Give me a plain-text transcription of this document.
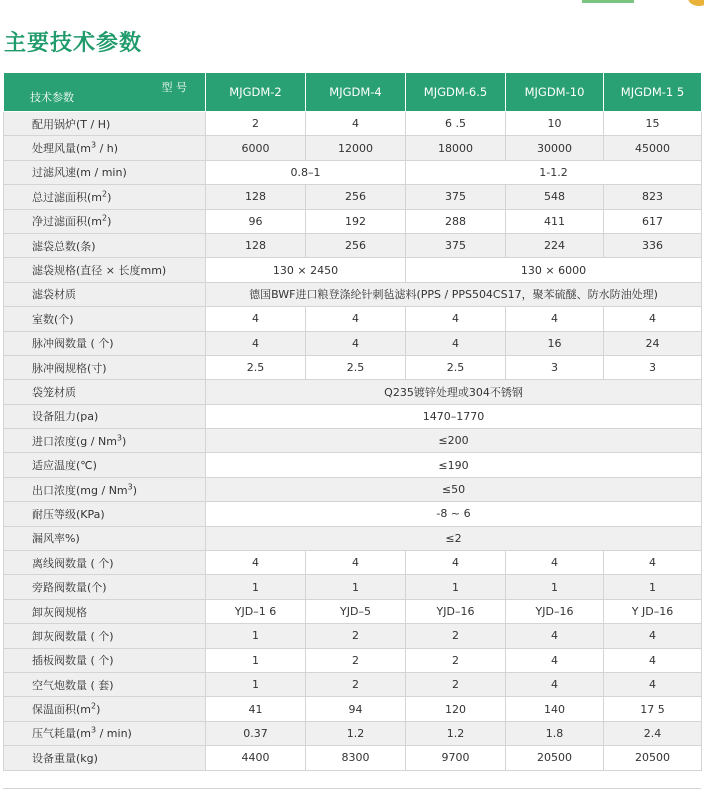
主要技术参数
型 号
技术参数	MJGDM-2	MJGDM-4	MJGDM-6.5	MJGDM-10	MJGDM-1 5
配用锅炉(T / H)	2	4	6 .5	10	15
处理风量$(m^3 / h)$	6000	12000	18000	30000	45000
过滤风速(m / min)	0.8–1		1-1.2		
总过滤面积$(m^2)$	128	256	375	548	823
净过滤面积$(m^2)$	96	192	288	411	617
滤袋总数(条)	128	256	375	224	336
滤袋规格(直径 × 长度mm)	130 × 2450		130 × 6000		
滤袋材质	德国BWF进口粮登涤纶针刺毡滤料(PPS / PPS504CS17，聚苯硫醚、防水防油处理)				
室数(个)	4	4	4	4	4
脉冲阀数量 ( 个)	4	4	4	16	24
脉冲阀规格(寸)	2.5	2.5	2.5	3	3
袋笼材质	Q235镀锌处理或304不锈钢				
设备阻力(pa)	1470–1770				
进口浓度$(g / Nm^3)$	≤200				
适应温度(℃)	≤190				
出口浓度$(mg / Nm^3)$	≤50				
耐压等级(KPa)	-8 ~ 6				
漏风率%)	≤2				
离线阀数量 ( 个)	4	4	4	4	4
旁路阀数量(个)	1	1	1	1	1
卸灰阀规格	YJD–1 6	YJD–5	YJD–16	YJD–16	Y JD–16
卸灰阀数量 ( 个)	1	2	2	4	4
插板阀数量 ( 个)	1	2	2	4	4
空气炮数量 ( 套)	1	2	2	4	4
保温面积$(m^2)$	41	94	120	140	17 5
压气耗量$(m^3 / \min)$	0.37	1.2	1.2	1.8	2.4
设备重量(kg)	4400	8300	9700	20500	20500
